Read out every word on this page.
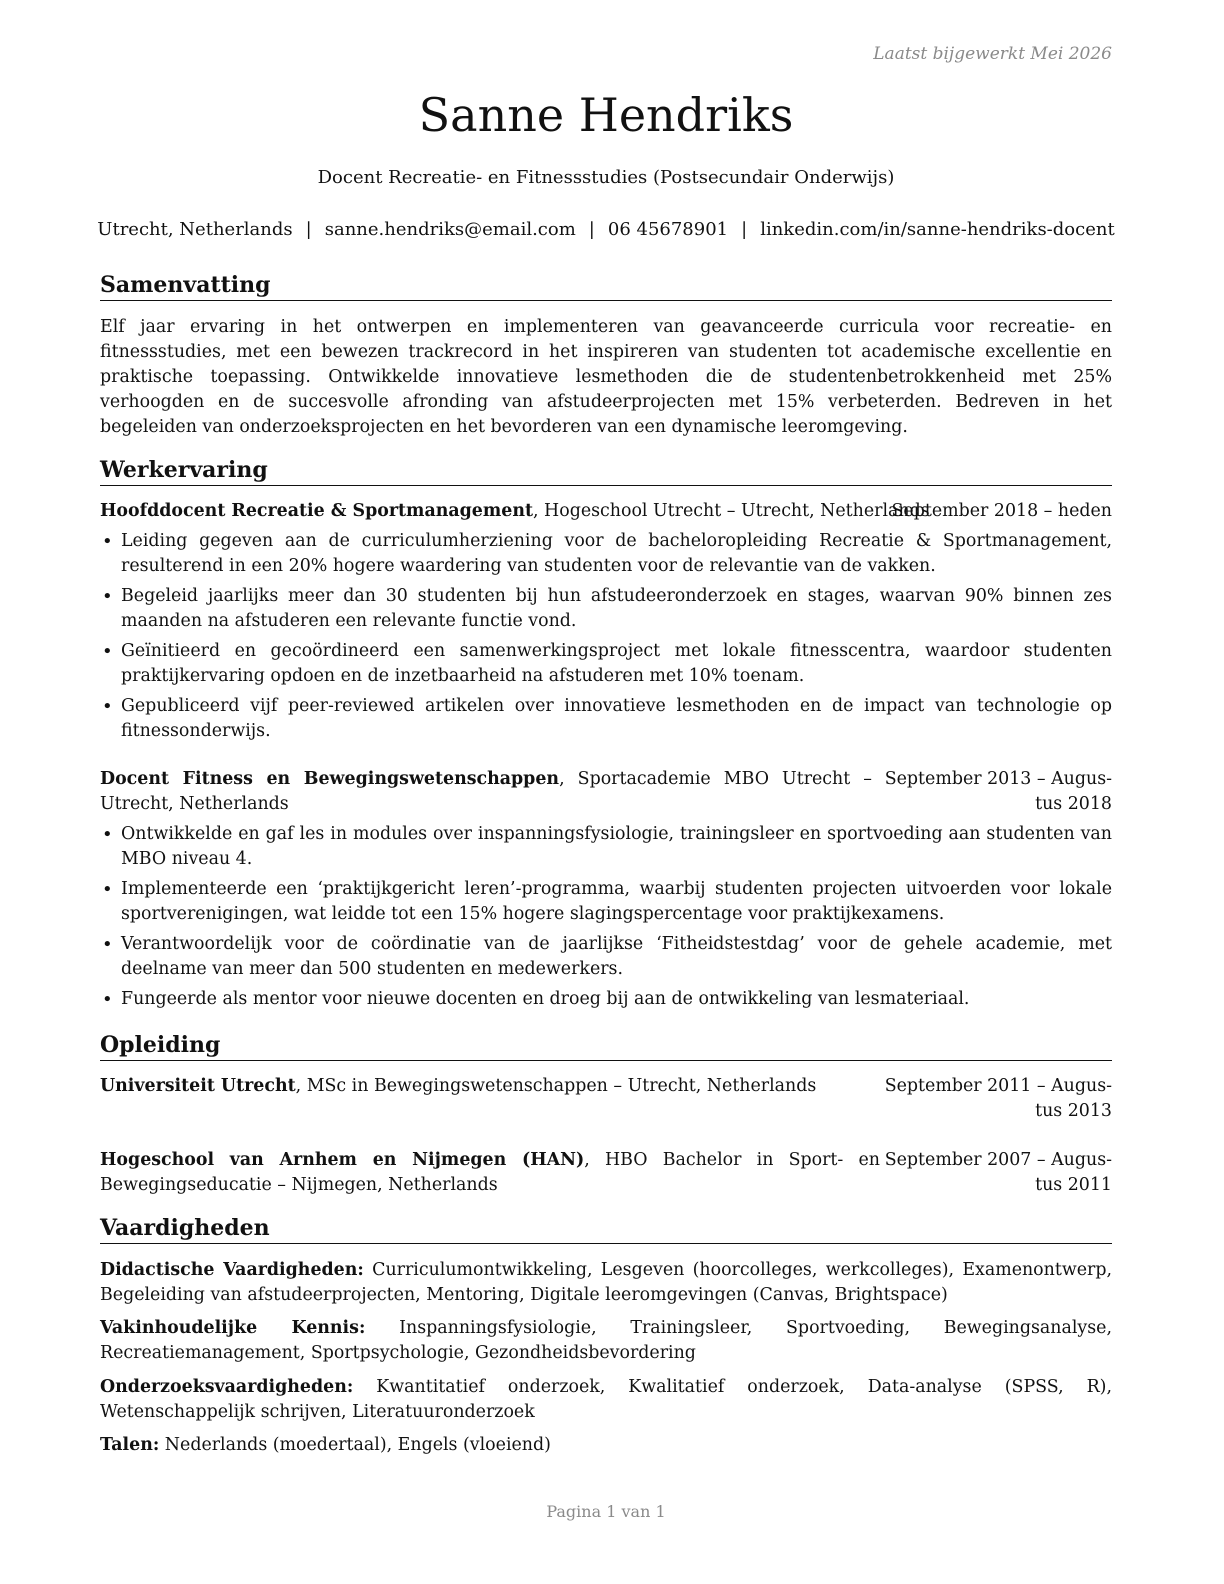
Laatst bijgewerkt Mei 2026
Sanne Hendriks
Docent Recreatie- en Fitnessstudies (Postsecundair Onderwijs)
Utrecht, Netherlands | sanne.hendriks@email.com | 06 45678901 | linkedin.com/in/sanne-hendriks-docent
Samenvatting

Elf jaar ervaring in het ontwerpen en implementeren van geavanceerde curricula voor recreatie- en fitnessstudies, met een bewezen trackrecord in het inspireren van studenten tot academische excellentie en praktische toepassing. Ontwikkelde innovatieve lesmethoden die de studentenbetrokkenheid met 25% verhoogden en de succesvolle afronding van afstudeerprojecten met 15% verbeterden. Bedreven in het begeleiden van onderzoeksprojecten en het bevorderen van een dynamische leeromgeving.

Werkervaring
Hoofddocent Recreatie & Sportmanagement, Hogeschool Utrecht – Utrecht, Netherlands
September 2018 – heden
• Leiding gegeven aan de curriculumherziening voor de bacheloropleiding Recreatie & Sportmanagement, resulterend in een 20% hogere waardering van studenten voor de relevantie van de vakken.
• Begeleid jaarlijks meer dan 30 studenten bij hun afstudeeronderzoek en stages, waarvan 90% binnen zes maanden na afstuderen een relevante functie vond.
• Geïnitieerd en gecoördineerd een samenwerkingsproject met lokale fitnesscentra, waardoor studenten praktijkervaring opdoen en de inzetbaarheid na afstuderen met 10% toenam.
• Gepubliceerd vijf peer-reviewed artikelen over innovatieve lesmethoden en de impact van technologie op fitnessonderwijs.
Docent Fitness en Bewegingswetenschappen, Sportacademie MBO Utrecht – Utrecht, Netherlands
September 2013 – Augus-
tus 2018
• Ontwikkelde en gaf les in modules over inspanningsfysiologie, trainingsleer en sportvoeding aan studenten van MBO niveau 4.
• Implementeerde een ‘praktijkgericht leren’-programma, waarbij studenten projecten uitvoerden voor lokale sportverenigingen, wat leidde tot een 15% hogere slagingspercentage voor praktijkexamens.
• Verantwoordelijk voor de coördinatie van de jaarlijkse ‘Fitheidstestdag’ voor de gehele academie, met deelname van meer dan 500 studenten en medewerkers.
• Fungeerde als mentor voor nieuwe docenten en droeg bij aan de ontwikkeling van lesmateriaal.
Opleiding
Universiteit Utrecht, MSc in Bewegingswetenschappen – Utrecht, Netherlands	September 2011 – Augus-
tus 2013
Hogeschool van Arnhem en Nijmegen (HAN), HBO Bachelor in Sport- en Bewegingseducatie – Nijmegen, Netherlands
September 2007 – Augus-
tus 2011
Vaardigheden

Didactische Vaardigheden: Curriculumontwikkeling, Lesgeven (hoorcolleges, werkcolleges), Examenontwerp, Begeleiding van afstudeerprojecten, Mentoring, Digitale leeromgevingen (Canvas, Brightspace)

Vakinhoudelijke Kennis: Inspanningsfysiologie, Trainingsleer, Sportvoeding, Bewegingsanalyse, Recreatiemanagement, Sportpsychologie, Gezondheidsbevordering

Onderzoeksvaardigheden: Kwantitatief onderzoek, Kwalitatief onderzoek, Data-analyse (SPSS, R), Wetenschappelijk schrijven, Literatuuronderzoek

Talen: Nederlands (moedertaal), Engels (vloeiend)

Pagina 1 van 1
